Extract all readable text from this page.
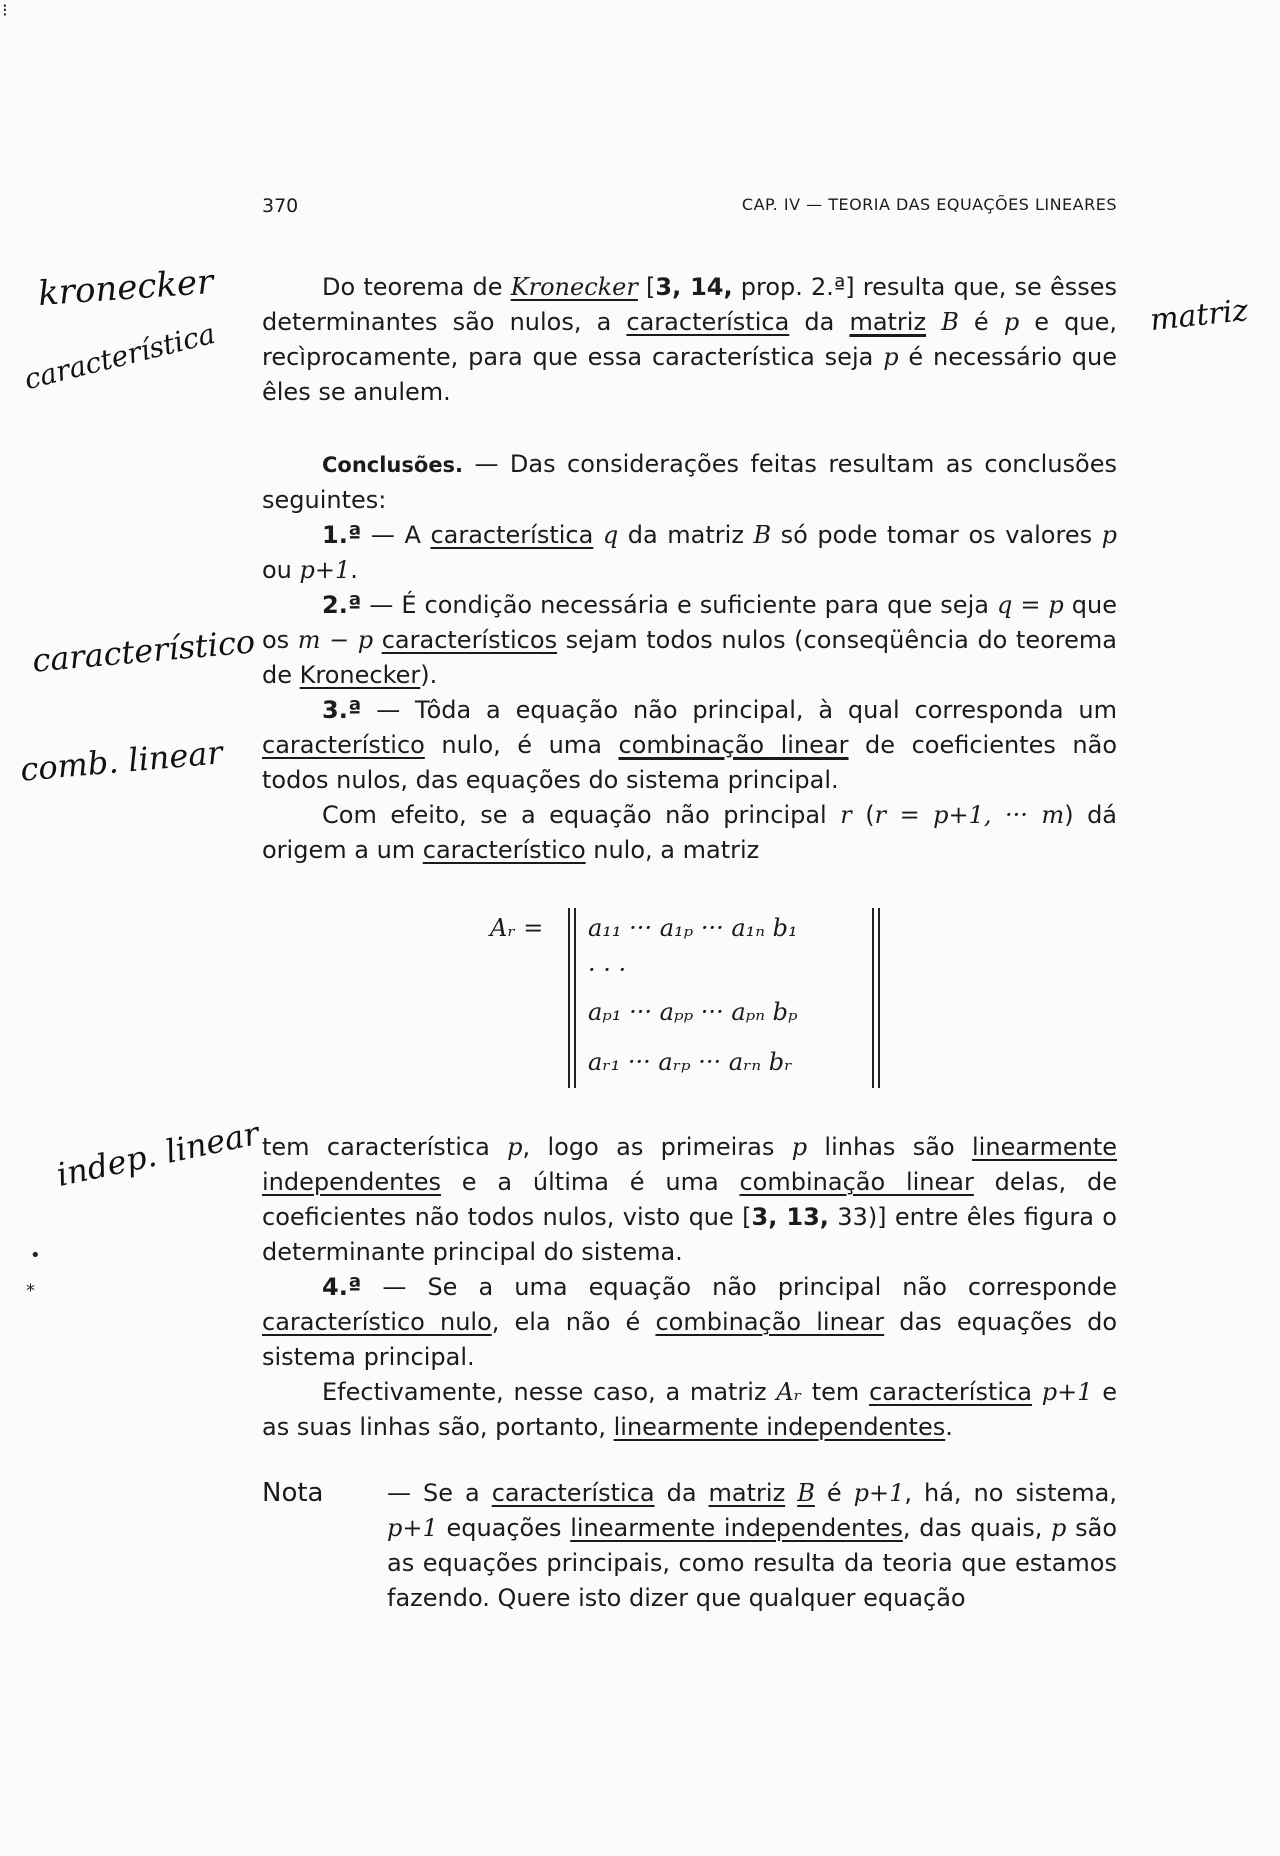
⁝
370	CAP. IV — TEORIA DAS EQUAÇÕES LINEARES
kronecker
característica
matriz
característico
comb. linear
indep. linear
•
⁎

Do teorema de Kronecker [3, 14, prop. 2.ª] resulta que, se êsses determinantes são nulos, a característica da matriz B é p e que, recìprocamente, para que essa característica seja p é necessário que êles se anulem.

Conclusões. — Das considerações feitas resultam as conclusões seguintes:

1.ª — A característica q da matriz B só pode tomar os valores p ou p+1.

2.ª — É condição necessária e suficiente para que seja q = p que os m − p característicos sejam todos nulos (conseqüência do teorema de Kronecker).

3.ª — Tôda a equação não principal, à qual corresponda um característico nulo, é uma combinação linear de coeficientes não todos nulos, das equações do sistema principal.

Com efeito, se a equação não principal r (r = p+1, ··· m) dá origem a um característico nulo, a matriz

Aᵣ = a₁₁ ··· a₁ₚ ··· a₁ₙ b₁
· · ·
aₚ₁ ··· aₚₚ ··· aₚₙ bₚ
aᵣ₁ ··· aᵣₚ ··· aᵣₙ bᵣ

tem característica p, logo as primeiras p linhas são linearmente independentes e a última é uma combinação linear delas, de coeficientes não todos nulos, visto que [3, 13, 33)] entre êles figura o determinante principal do sistema.

4.ª — Se a uma equação não principal não corresponde característico nulo, ela não é combinação linear das equações do sistema principal.

Efectivamente, nesse caso, a matriz Aᵣ tem característica p+1 e as suas linhas são, portanto, linearmente independentes.

Nota	— Se a característica da matriz B é p+1, há, no sistema, p+1 equações linearmente independentes, das quais, p são as equações principais, como resulta da teoria que estamos fazendo. Quere isto dizer que qualquer equação
